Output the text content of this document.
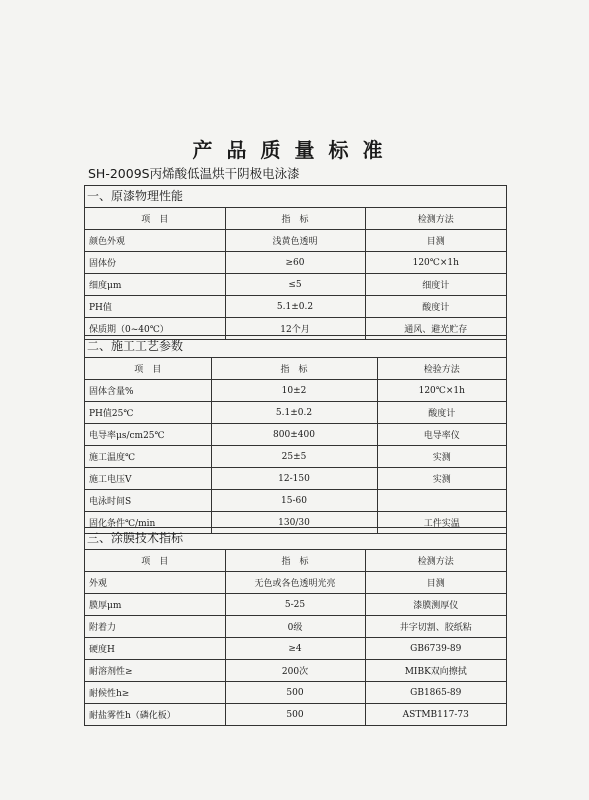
产品质量标准
SH-2009S丙烯酸低温烘干阴极电泳漆
一、原漆物理性能
项　目	指　标	检测方法
颜色外观	浅黄色透明	目测
固体份	≥60	120℃×1h
细度μm	≤5	细度计
PH值	5.1±0.2	酸度计
保质期（0~40℃）	12个月	通风、避光贮存
二、施工工艺参数
项　目	指　标	检验方法
固体含量%	10±2	120℃×1h
PH值25℃	5.1±0.2	酸度计
电导率μs/cm25℃	800±400	电导率仪
施工温度℃	25±5	实测
施工电压V	12-150	实测
电泳时间S	15-60	
固化条件℃/min	130/30	工件实温
三、涂膜技术指标
项　目	指　标	检测方法
外观	无色或各色透明光亮	目测
膜厚μm	5-25	漆膜测厚仪
附着力	0级	井字切割、胶纸粘
硬度H	≥4	GB6739-89
耐溶剂性≥	200次	MIBK双向擦拭
耐候性h≥	500	GB1865-89
耐盐雾性h（磷化板）	500	ASTMB117-73
